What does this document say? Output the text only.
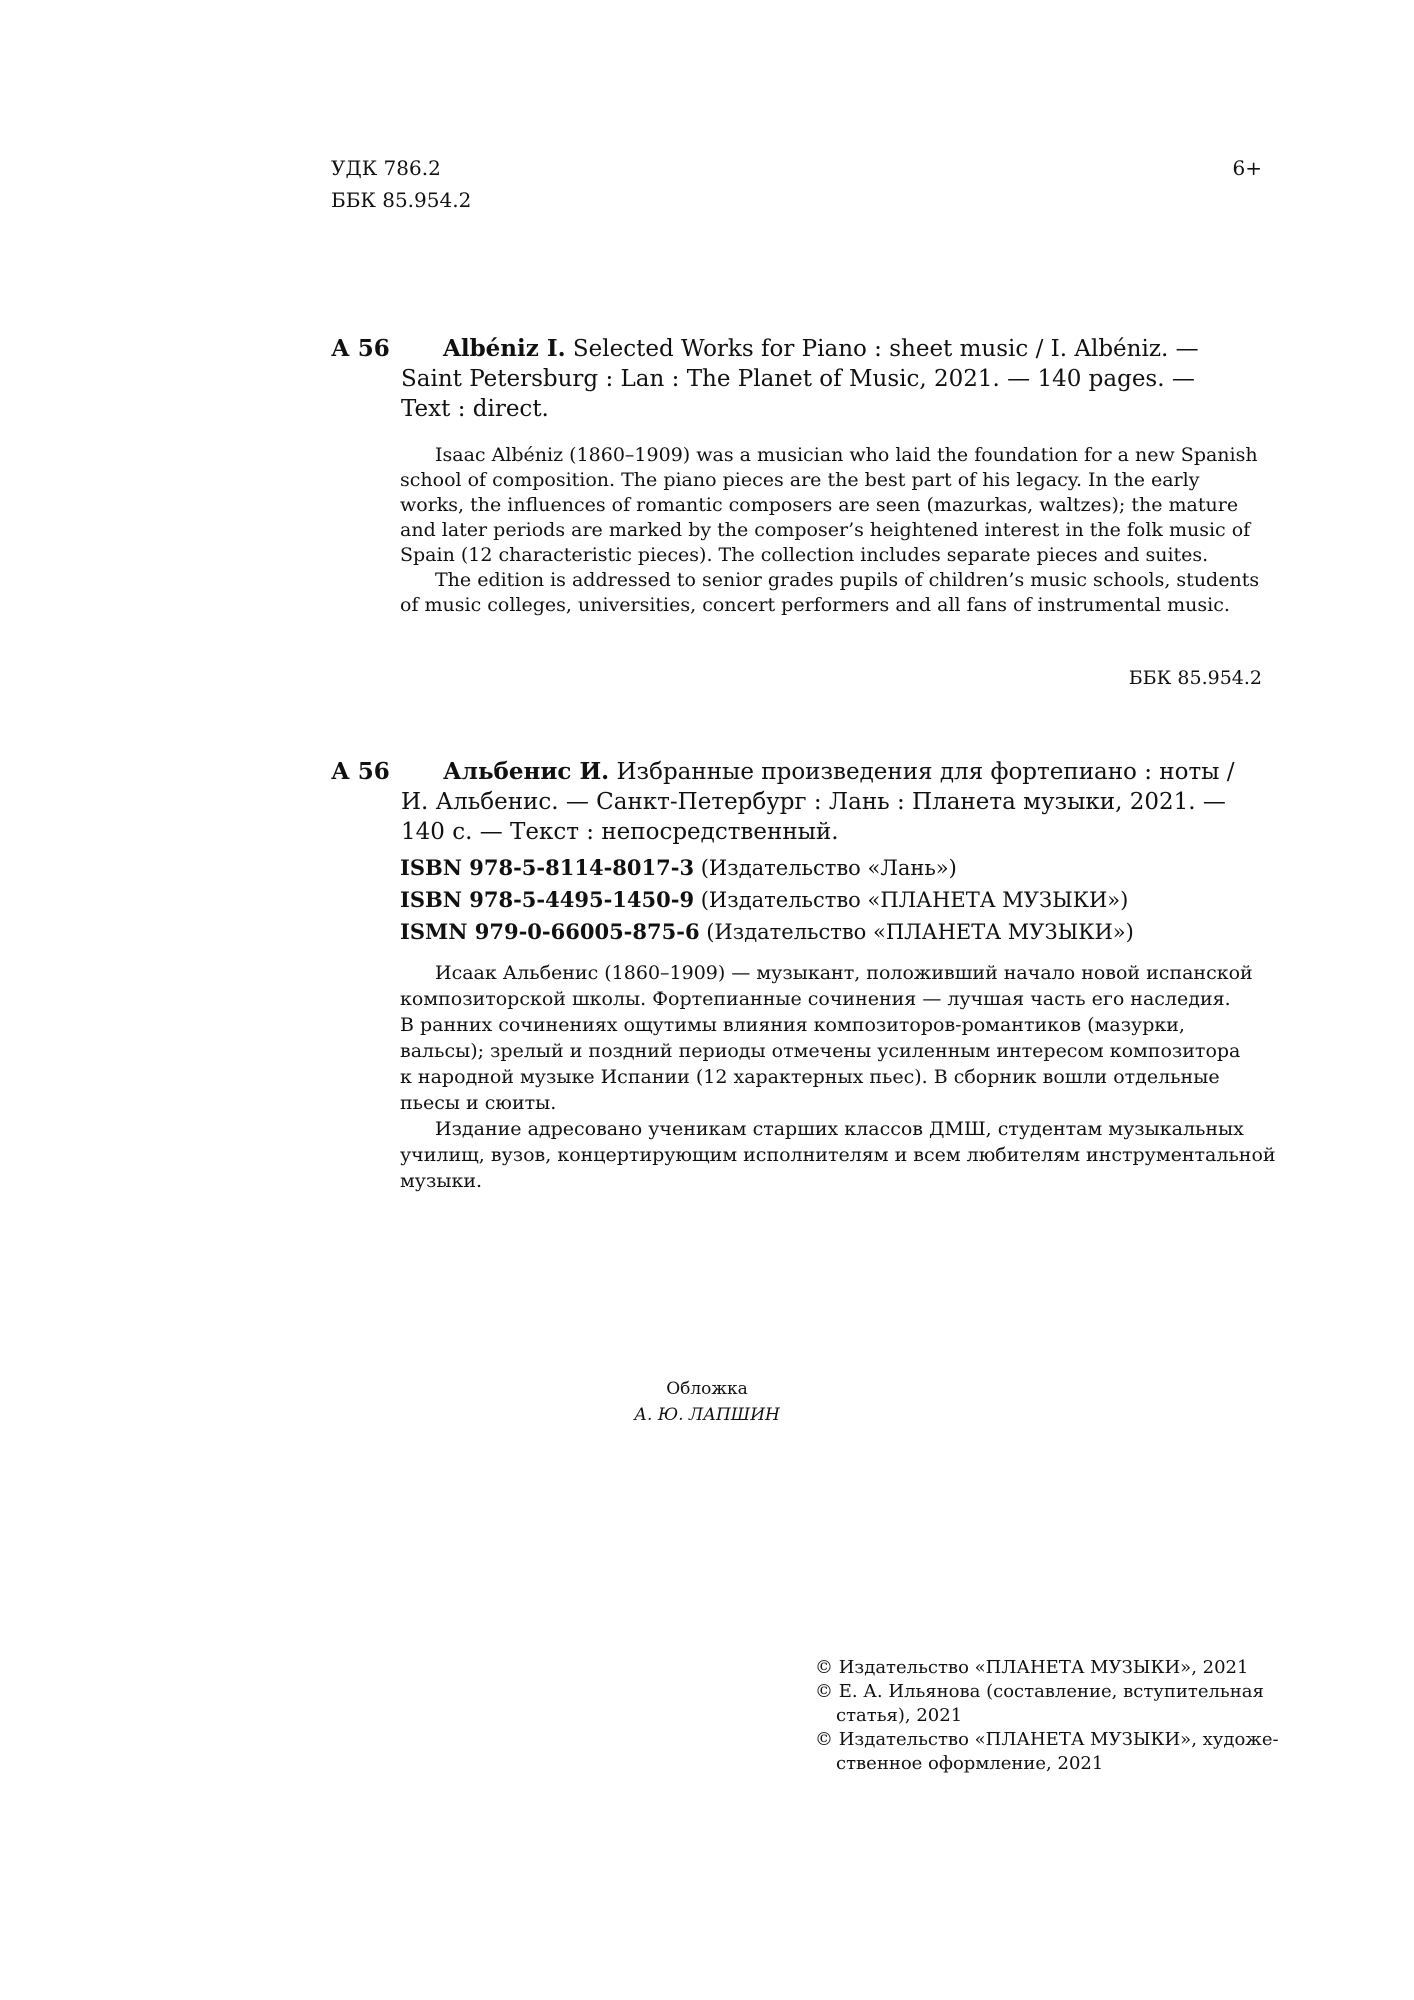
УДК 786.2
ББК 85.954.2
6+
А 56 Albéniz I. Selected Works for Piano : sheet music / I. Albéniz. —
Saint Petersburg : Lan : The Planet of Music, 2021. — 140 pages. —
Text : direct.

Isaac Albéniz (1860–1909) was a musician who laid the foundation for a new Spanish

school of composition. The piano pieces are the best part of his legacy. In the early
works, the influences of romantic composers are seen (mazurkas, waltzes); the mature
and later periods are marked by the composer’s heightened interest in the folk music of
Spain (12 characteristic pieces). The collection includes separate pieces and suites.

The edition is addressed to senior grades pupils of children’s music schools, students

of music colleges, universities, concert performers and all fans of instrumental music.
ББК 85.954.2
А 56 Альбенис И. Избранные произведения для фортепиано : ноты /
И. Альбенис. — Санкт-Петербург : Лань : Планета музыки, 2021. —
140 с. — Текст : непосредственный.
ISBN 978-5-8114-8017-3 (Издательство «Лань»)
ISBN 978-5-4495-1450-9 (Издательство «ПЛАНЕТА МУЗЫКИ»)
ISMN 979-0-66005-875-6 (Издательство «ПЛАНЕТА МУЗЫКИ»)
Исаак Альбенис (1860–1909) — музыкант, положивший начало новой испанской
композиторской школы. Фортепианные сочинения — лучшая часть его наследия.
В ранних сочинениях ощутимы влияния композиторов-романтиков (мазурки,
вальсы); зрелый и поздний периоды отмечены усиленным интересом композитора
к народной музыке Испании (12 характерных пьес). В сборник вошли отдельные
пьесы и сюиты.
Издание адресовано ученикам старших классов ДМШ, студентам музыкальных
училищ, вузов, концертирующим исполнителям и всем любителям инструментальной
музыки.
Обложка
А. Ю. ЛАПШИН
© Издательство «ПЛАНЕТА МУЗЫКИ», 2021
© Е. А. Ильянова (составление, вступительная
статья), 2021
© Издательство «ПЛАНЕТА МУЗЫКИ», художе-
ственное оформление, 2021
